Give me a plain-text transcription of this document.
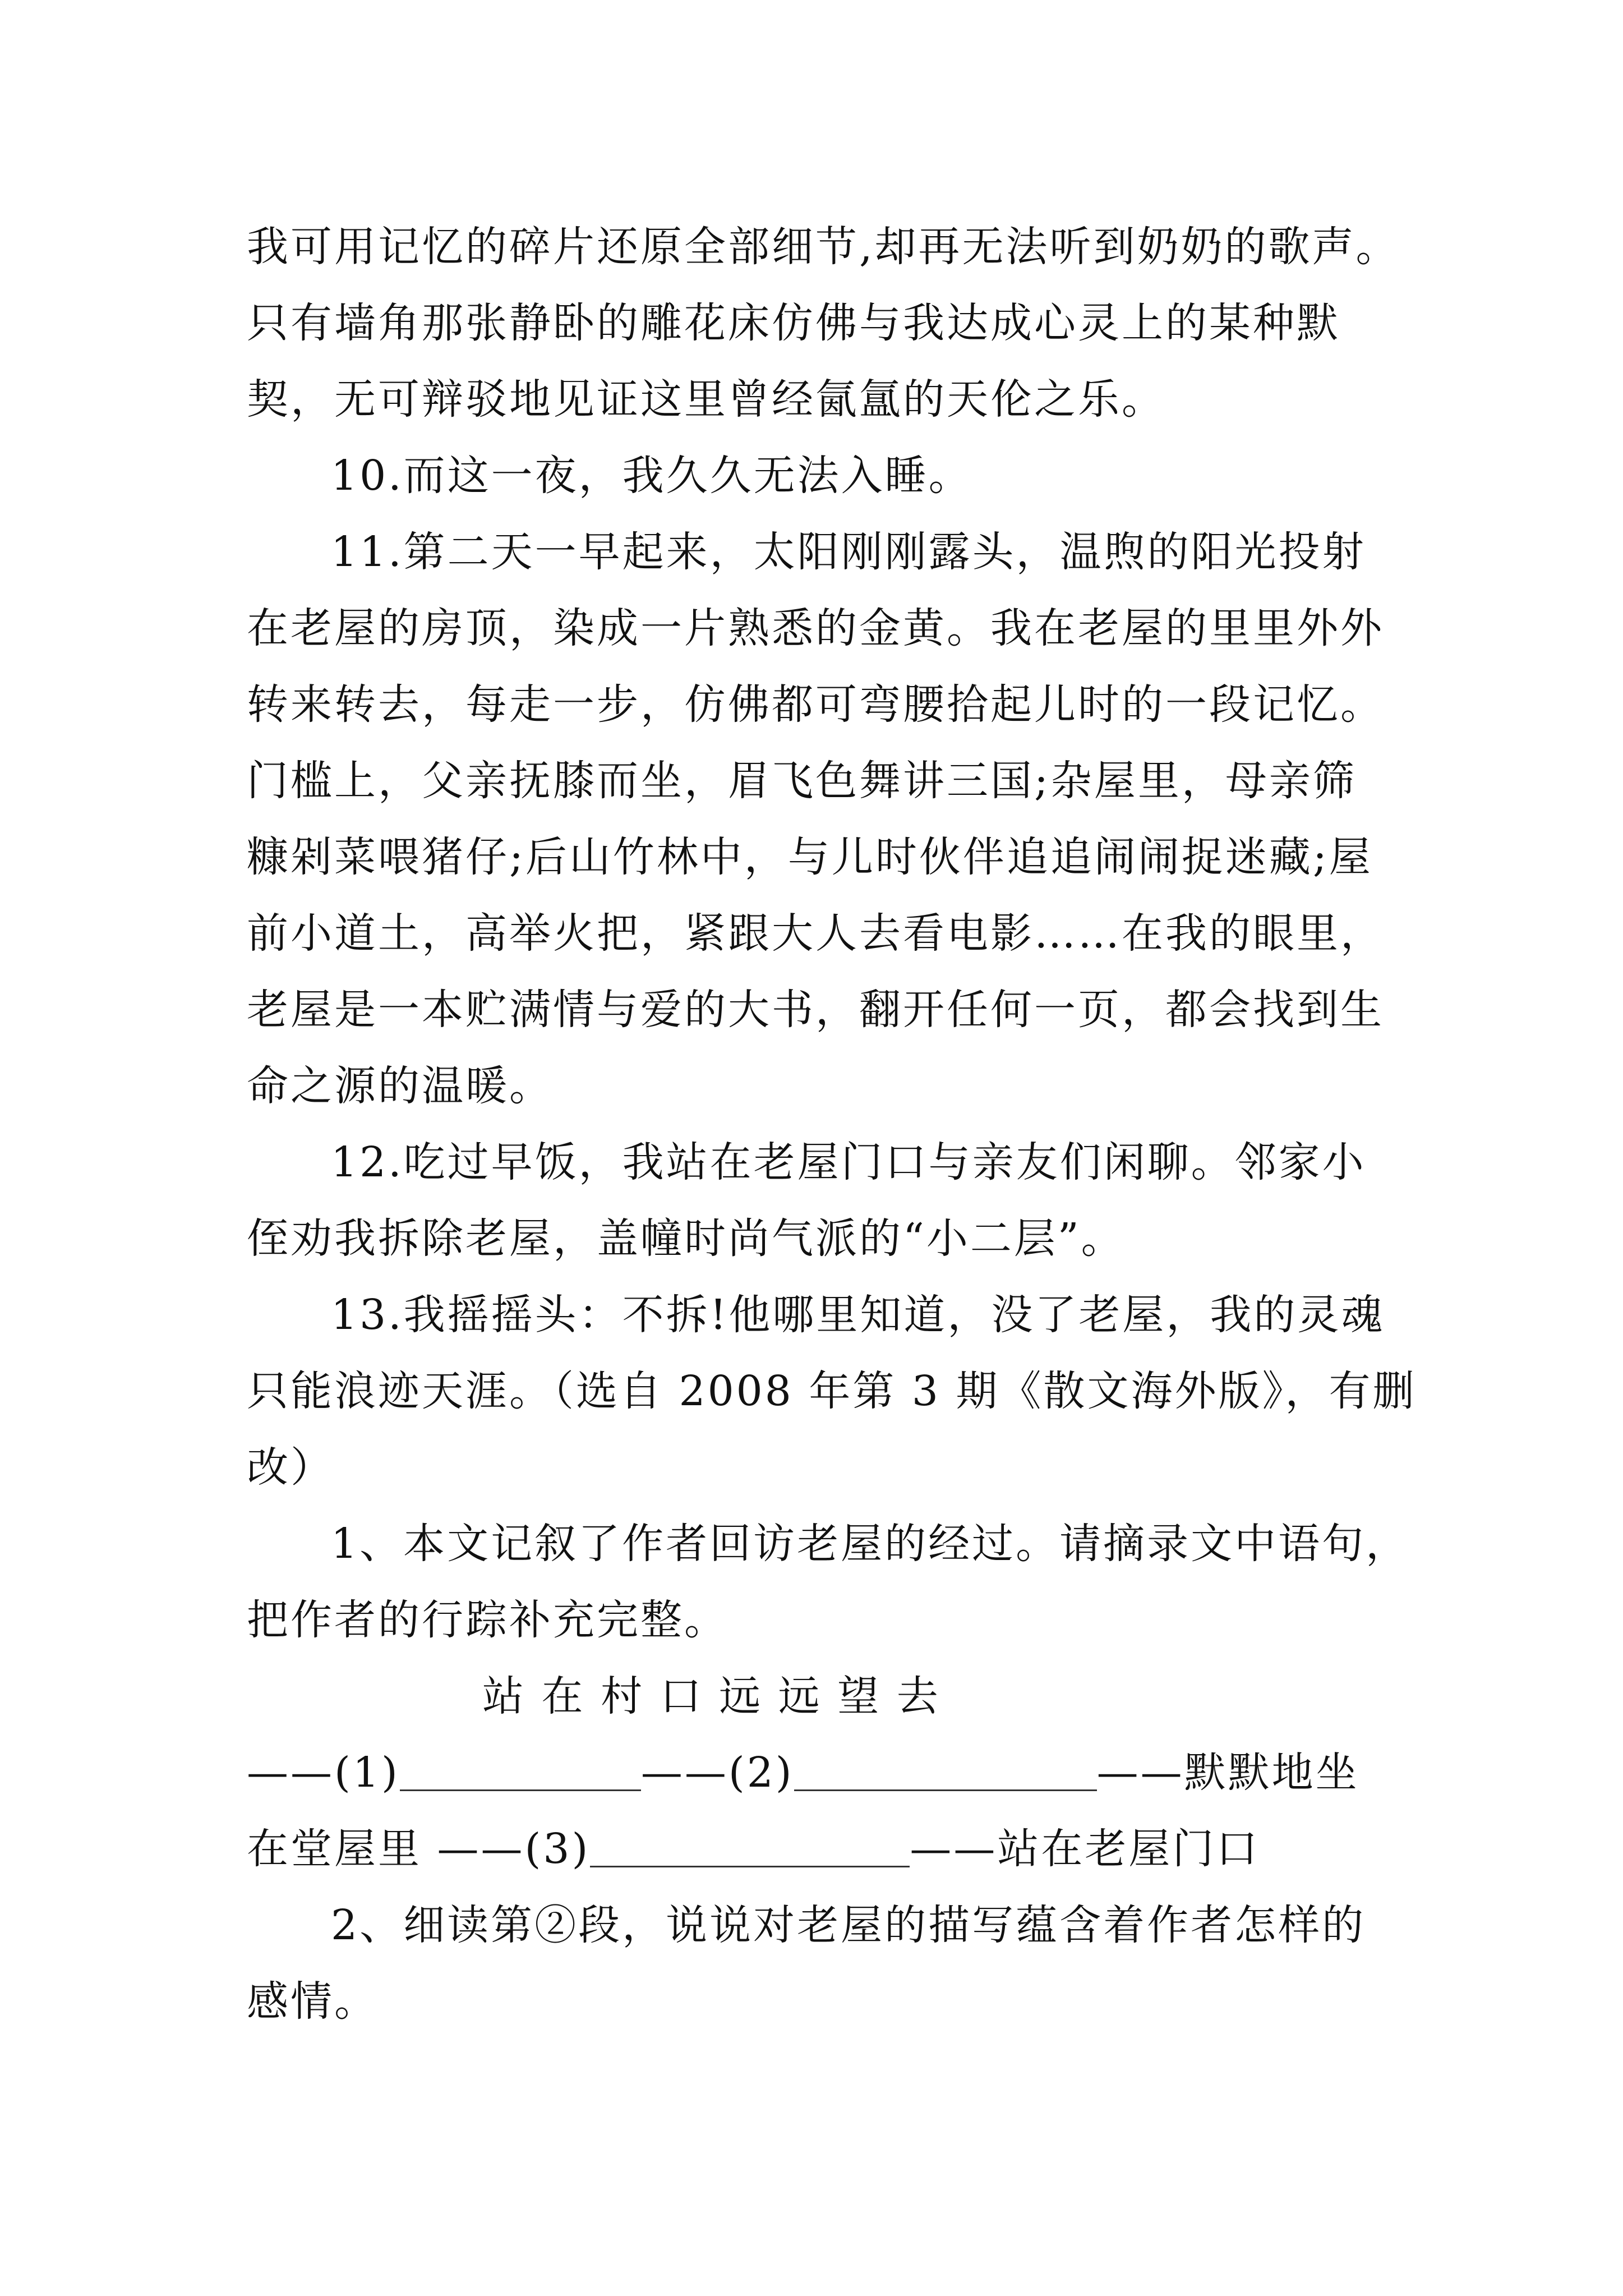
我可用记忆的碎片还原全部细节,却再无法听到奶奶的歌声。
只有墙角那张静卧的雕花床仿佛与我达成心灵上的某种默
契，无可辩驳地见证这里曾经氤氲的天伦之乐。
10.而这一夜，我久久无法入睡。
11.第二天一早起来，太阳刚刚露头，温煦的阳光投射
在老屋的房顶，染成一片熟悉的金黄。我在老屋的里里外外
转来转去，每走一步，仿佛都可弯腰拾起儿时的一段记忆。
门槛上，父亲抚膝而坐，眉飞色舞讲三国;杂屋里，母亲筛
糠剁菜喂猪仔;后山竹林中，与儿时伙伴追追闹闹捉迷藏;屋
前小道土，高举火把，紧跟大人去看电影……在我的眼里，
老屋是一本贮满情与爱的大书，翻开任何一页，都会找到生
命之源的温暖。
12.吃过早饭，我站在老屋门口与亲友们闲聊。邻家小
侄劝我拆除老屋，盖幢时尚气派的“小二层”。
13.我摇摇头：不拆!他哪里知道，没了老屋，我的灵魂
只能浪迹天涯。（选自 2008 年第 3 期《散文海外版》，有删
改）
1、本文记叙了作者回访老屋的经过。请摘录文中语句，
把作者的行踪补充完整。
站 在 村 口 远 远 望 去
——(1)	——(2)	——默默地坐
在堂屋里 ——(3)	——站在老屋门口
2、细读第②段，说说对老屋的描写蕴含着作者怎样的
感情。
